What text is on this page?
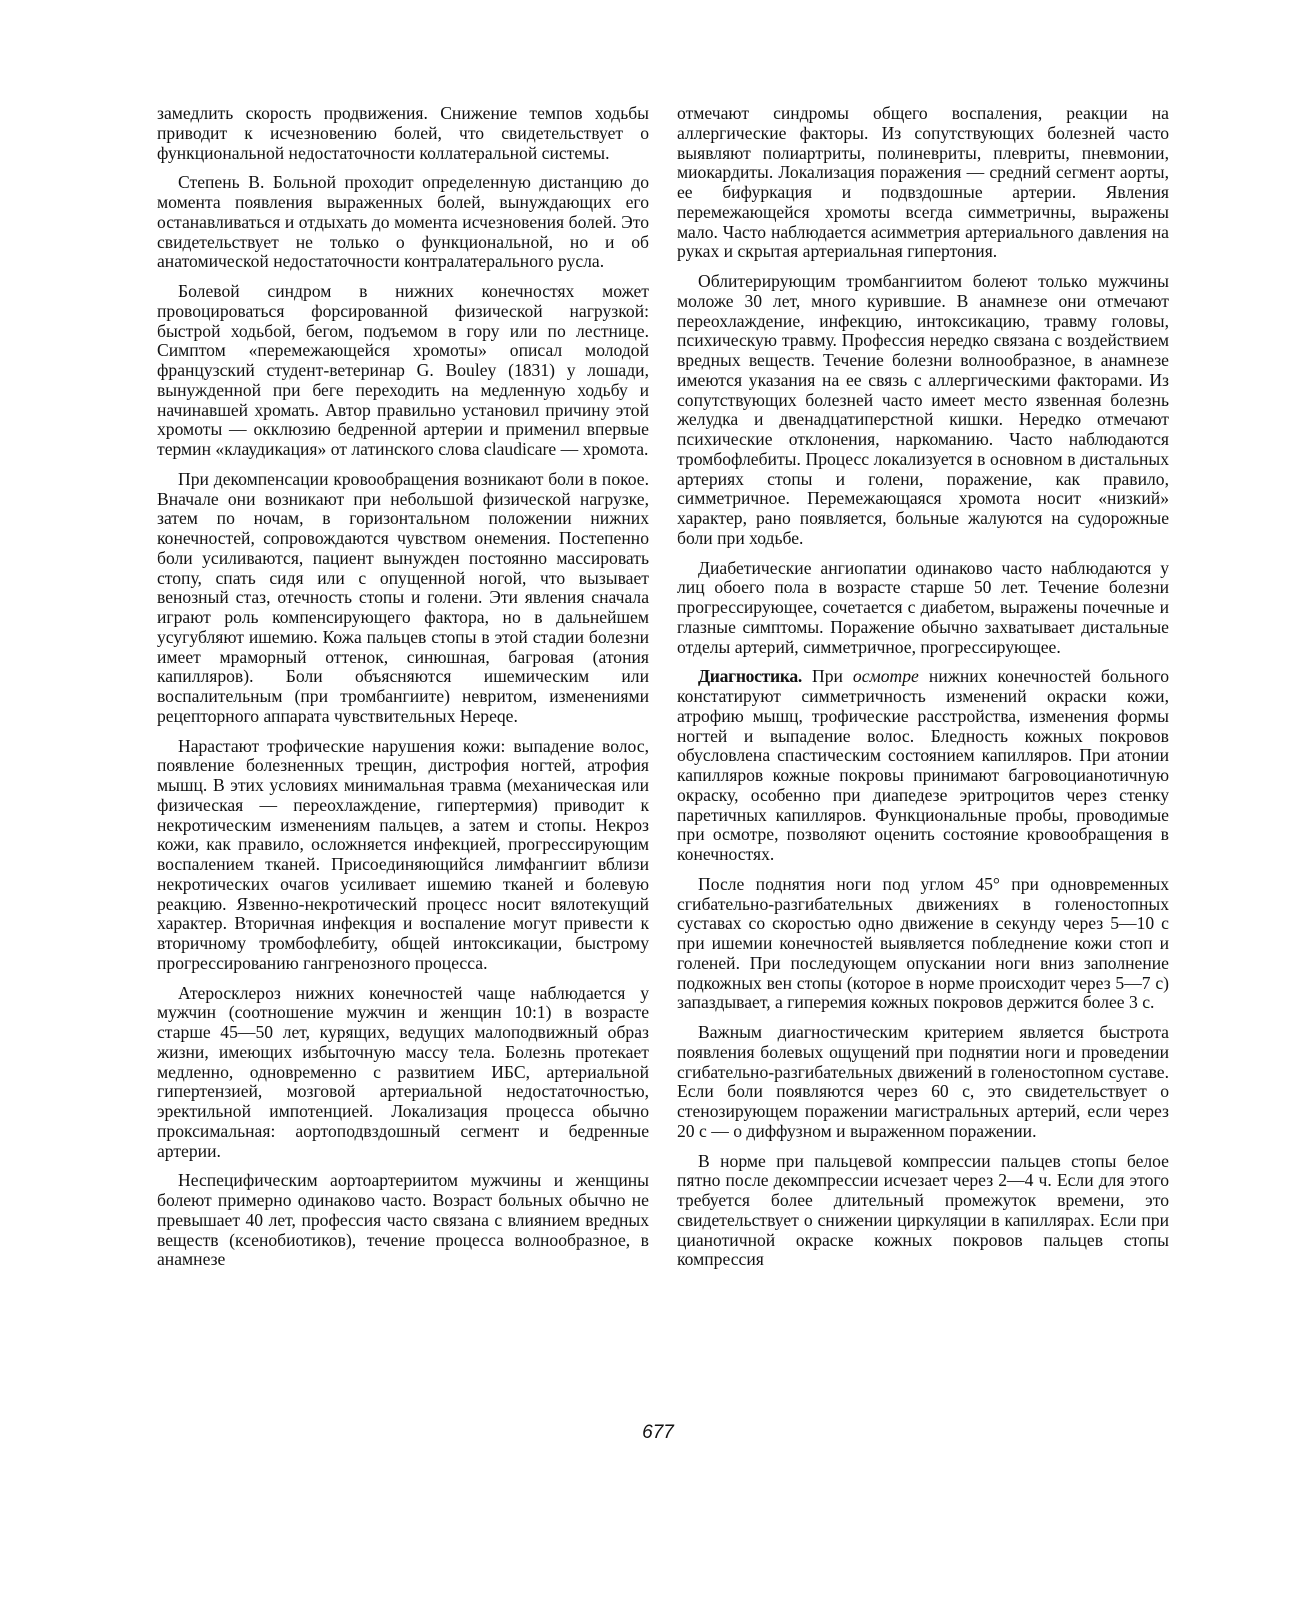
замедлить скорость продвижения. Снижение темпов ходьбы приводит к исчезновению болей, что свидетельствует о функциональной недостаточности коллатеральной системы.

Степень В. Больной проходит определенную дистанцию до момента появления выраженных болей, вынуждающих его останавливаться и отдыхать до момента исчезновения болей. Это свидетельствует не только о функциональной, но и об анатомической недостаточности контралатерального русла.

Болевой синдром в нижних конечностях может провоцироваться форсированной физической нагрузкой: быстрой ходьбой, бегом, подъемом в гору или по лестнице. Симптом «перемежающейся хромоты» описал молодой французский студент-ветеринар G. Bouley (1831) у лошади, вынужденной при беге переходить на медленную ходьбу и начинавшей хромать. Автор правильно установил причину этой хромоты — окклюзию бедренной артерии и применил впервые термин «клаудикация» от латинского слова claudicare — хромота.

При декомпенсации кровообращения возникают боли в покое. Вначале они возникают при небольшой физической нагрузке, затем по ночам, в горизонтальном положении нижних конечностей, сопровождаются чувством онемения. Постепенно боли усиливаются, пациент вынужден постоянно массировать стопу, спать сидя или с опущенной ногой, что вызывает венозный стаз, отечность стопы и голени. Эти явления сначала играют роль компенсирующего фактора, но в дальнейшем усугубляют ишемию. Кожа пальцев стопы в этой стадии болезни имеет мраморный оттенок, синюшная, багровая (атония капилляров). Боли объясняются ишемическим или воспалительным (при тромбангиите) невритом, изменениями рецепторного аппарата чувствительных Нереqе.

Нарастают трофические нарушения кожи: выпадение волос, появление болезненных трещин, дистрофия ногтей, атрофия мышц. В этих условиях минимальная травма (механическая или физическая — переохлаждение, гипертермия) приводит к некротическим изменениям пальцев, а затем и стопы. Некроз кожи, как правило, осложняется инфекцией, прогрессирующим воспалением тканей. Присоединяющийся лимфангиит вблизи некротических очагов усиливает ишемию тканей и болевую реакцию. Язвенно-некротический процесс носит вялотекущий характер. Вторичная инфекция и воспаление могут привести к вторичному тромбофлебиту, общей интоксикации, быстрому прогрессированию гангренозного процесса.

Атеросклероз нижних конечностей чаще наблюдается у мужчин (соотношение мужчин и женщин 10:1) в возрасте старше 45—50 лет, курящих, ведущих малоподвижный образ жизни, имеющих избыточную массу тела. Болезнь протекает медленно, одновременно с развитием ИБС, артериальной гипертензией, мозговой артериальной недостаточностью, эректильной импотенцией. Локализация процесса обычно проксимальная: аортоподвздошный сегмент и бедренные артерии.

Неспецифическим аортоартериитом мужчины и женщины болеют примерно одинаково часто. Возраст больных обычно не превышает 40 лет, профессия часто связана с влиянием вредных веществ (ксенобиотиков), течение процесса волнообразное, в анамнезе

отмечают синдромы общего воспаления, реакции на аллергические факторы. Из сопутствующих болезней часто выявляют полиартриты, полиневриты, плевриты, пневмонии, миокардиты. Локализация поражения — средний сегмент аорты, ее бифуркация и подвздошные артерии. Явления перемежающейся хромоты всегда симметричны, выражены мало. Часто наблюдается асимметрия артериального давления на руках и скрытая артериальная гипертония.

Облитерирующим тромбангиитом болеют только мужчины моложе 30 лет, много курившие. В анамнезе они отмечают переохлаждение, инфекцию, интоксикацию, травму головы, психическую травму. Профессия нередко связана с воздействием вредных веществ. Течение болезни волнообразное, в анамнезе имеются указания на ее связь с аллергическими факторами. Из сопутствующих болезней часто имеет место язвенная болезнь желудка и двенадцатиперстной кишки. Нередко отмечают психические отклонения, наркоманию. Часто наблюдаются тромбофлебиты. Процесс локализуется в основном в дистальных артериях стопы и голени, поражение, как правило, симметричное. Перемежающаяся хромота носит «низкий» характер, рано появляется, больные жалуются на судорожные боли при ходьбе.

Диабетические ангиопатии одинаково часто наблюдаются у лиц обоего пола в возрасте старше 50 лет. Течение болезни прогрессирующее, сочетается с диабетом, выражены почечные и глазные симптомы. Поражение обычно захватывает дистальные отделы артерий, симметричное, прогрессирующее.

Диагностика. При осмотре нижних конечностей больного констатируют симметричность изменений окраски кожи, атрофию мышц, трофические расстройства, изменения формы ногтей и выпадение волос. Бледность кожных покровов обусловлена спастическим состоянием капилляров. При атонии капилляров кожные покровы принимают багровоцианотичную окраску, особенно при диапедезе эритроцитов через стенку паретичных капилляров. Функциональные пробы, проводимые при осмотре, позволяют оценить состояние кровообращения в конечностях.

После поднятия ноги под углом 45° при одновременных сгибательно-разгибательных движениях в голеностопных суставах со скоростью одно движение в секунду через 5—10 с при ишемии конечностей выявляется побледнение кожи стоп и голеней. При последующем опускании ноги вниз заполнение подкожных вен стопы (которое в норме происходит через 5—7 с) запаздывает, а гиперемия кожных покровов держится более 3 с.

Важным диагностическим критерием является быстрота появления болевых ощущений при поднятии ноги и проведении сгибательно-разгибательных движений в голеностопном суставе. Если боли появляются через 60 с, это свидетельствует о стенозирующем поражении магистральных артерий, если через 20 с — о диффузном и выраженном поражении.

В норме при пальцевой компрессии пальцев стопы белое пятно после декомпрессии исчезает через 2—4 ч. Если для этого требуется более длительный промежуток времени, это свидетельствует о снижении циркуляции в капиллярах. Если при цианотичной окраске кожных покровов пальцев стопы компрессия

677
